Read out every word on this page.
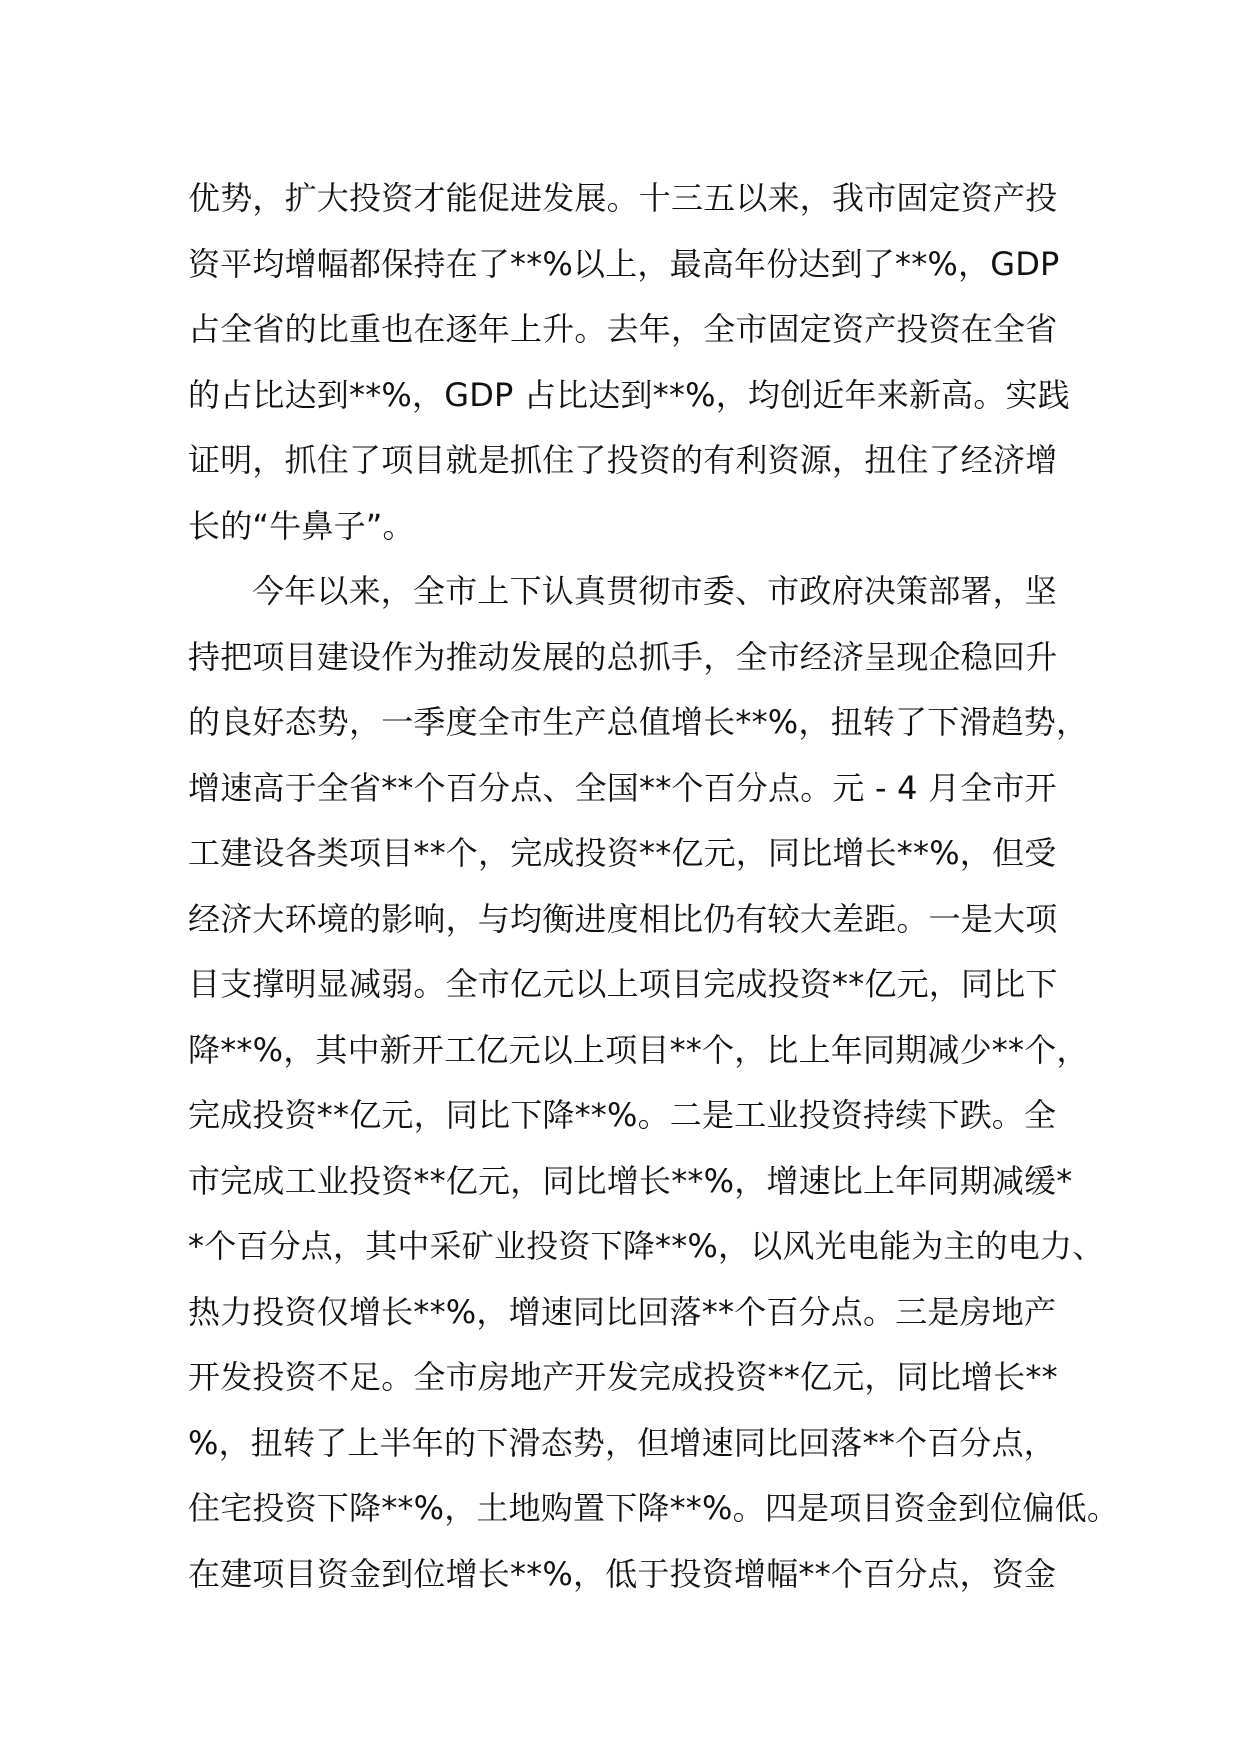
优势，扩大投资才能促进发展。十三五以来，我市固定资产投
资平均增幅都保持在了**%以上，最高年份达到了**%，GDP
占全省的比重也在逐年上升。去年，全市固定资产投资在全省
的占比达到**%，GDP 占比达到**%，均创近年来新高。实践
证明，抓住了项目就是抓住了投资的有利资源，扭住了经济增
长的“牛鼻子”。
今年以来，全市上下认真贯彻市委、市政府决策部署，坚
持把项目建设作为推动发展的总抓手，全市经济呈现企稳回升
的良好态势，一季度全市生产总值增长**%，扭转了下滑趋势，
增速高于全省**个百分点、全国**个百分点。元 - 4 月全市开
工建设各类项目**个，完成投资**亿元，同比增长**%，但受
经济大环境的影响，与均衡进度相比仍有较大差距。一是大项
目支撑明显减弱。全市亿元以上项目完成投资**亿元，同比下
降**%，其中新开工亿元以上项目**个，比上年同期减少**个，
完成投资**亿元，同比下降**%。二是工业投资持续下跌。全
市完成工业投资**亿元，同比增长**%，增速比上年同期减缓*
*个百分点，其中采矿业投资下降**%，以风光电能为主的电力、
热力投资仅增长**%，增速同比回落**个百分点。三是房地产
开发投资不足。全市房地产开发完成投资**亿元，同比增长**
%，扭转了上半年的下滑态势，但增速同比回落**个百分点，
住宅投资下降**%，土地购置下降**%。四是项目资金到位偏低。
在建项目资金到位增长**%，低于投资增幅**个百分点，资金
